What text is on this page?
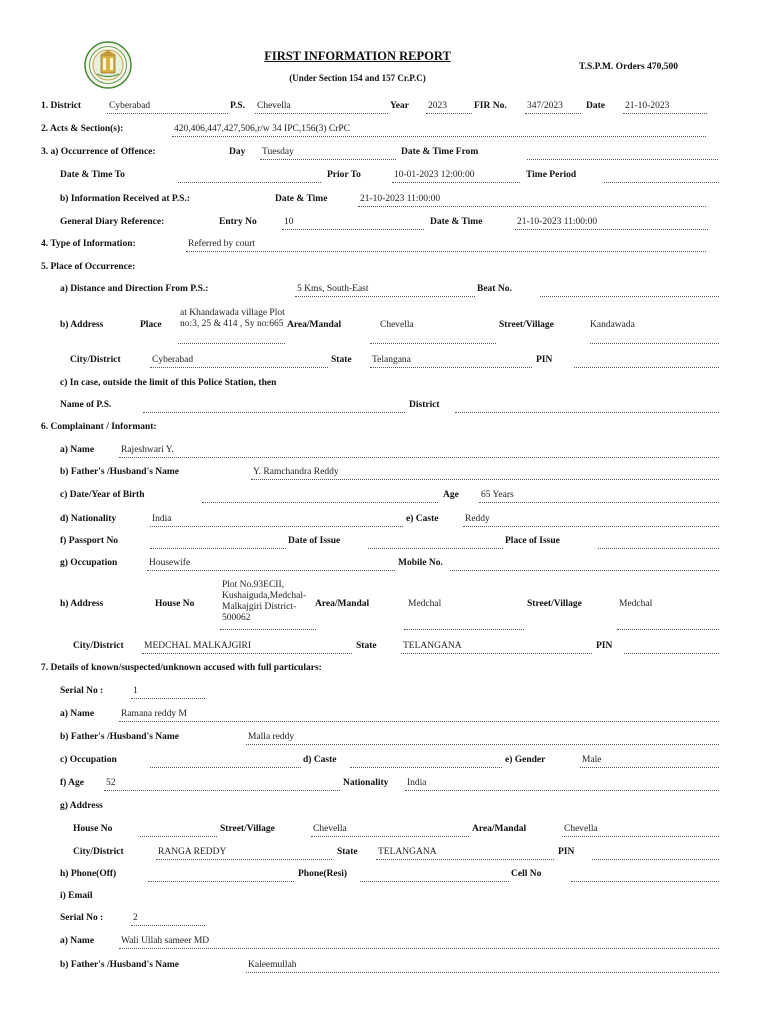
FIRST INFORMATION REPORT
(Under Section 154 and 157 Cr.P.C)
T.S.P.M. Orders 470,500
1. District	Cyberabad	P.S. Chevella	Year 2023	FIR No. 347/2023 Date 21-10-2023
2. Acts & Section(s):	420,406,447,427,506,r/w 34 IPC,156(3) CrPC
3. a) Occurrence of Offence:	Day Tuesday	Date & Time From
Date & Time To	Prior To	10-01-2023 12:00:00	Time Period
b) Information Received at P.S.:	Date & Time	21-10-2023 11:00:00
General Diary Reference:	Entry No	10	Date & Time	21-10-2023 11:00:00
4. Type of Information:	Referred by court
5. Place of Occurrence:
a) Distance and Direction From P.S.:	5 Kms, South-East	Beat No.
b) Address	Place
at Khandawada village Plot no:3, 25 & 414 , Sy no:665 Area/Mandal	Chevella	Street/Village	Kandawada
City/District	Cyberabad	State Telangana	PIN
c) In case, outside the limit of this Police Station, then
Name of P.S.	District
6. Complainant / Informant:
a) Name	Rajeshwari Y.
b) Father's /Husband's Name	Y. Ramchandra Reddy
c) Date/Year of Birth	Age 65 Years
d) Nationality	India	e) Caste	Reddy
f) Passport No	Date of Issue	Place of Issue
g) Occupation	Housewife	Mobile No.
h) Address	House No
Plot No.93ECII, Kushaiguda,Medchal-Malkajgiri District-500062
Area/Mandal	Medchal	Street/Village	Medchal
City/District MEDCHAL MALKAJGIRI	State	TELANGANA	PIN
7. Details of known/suspected/unknown accused with full particulars:
Serial No :	1
a) Name	Ramana reddy M
b) Father's /Husband's Name	Malla reddy
c) Occupation	d) Caste	e) Gender	Male
f) Age 52	Nationality India
g) Address
House No	Street/Village	Chevella	Area/Mandal	Chevella
City/District	RANGA REDDY	State TELANGANA	PIN
h) Phone(Off)	Phone(Resi)	Cell No
i) Email
Serial No :	2
a) Name	Wali Ullah sameer MD
b) Father's /Husband's Name	Kaleemullah
